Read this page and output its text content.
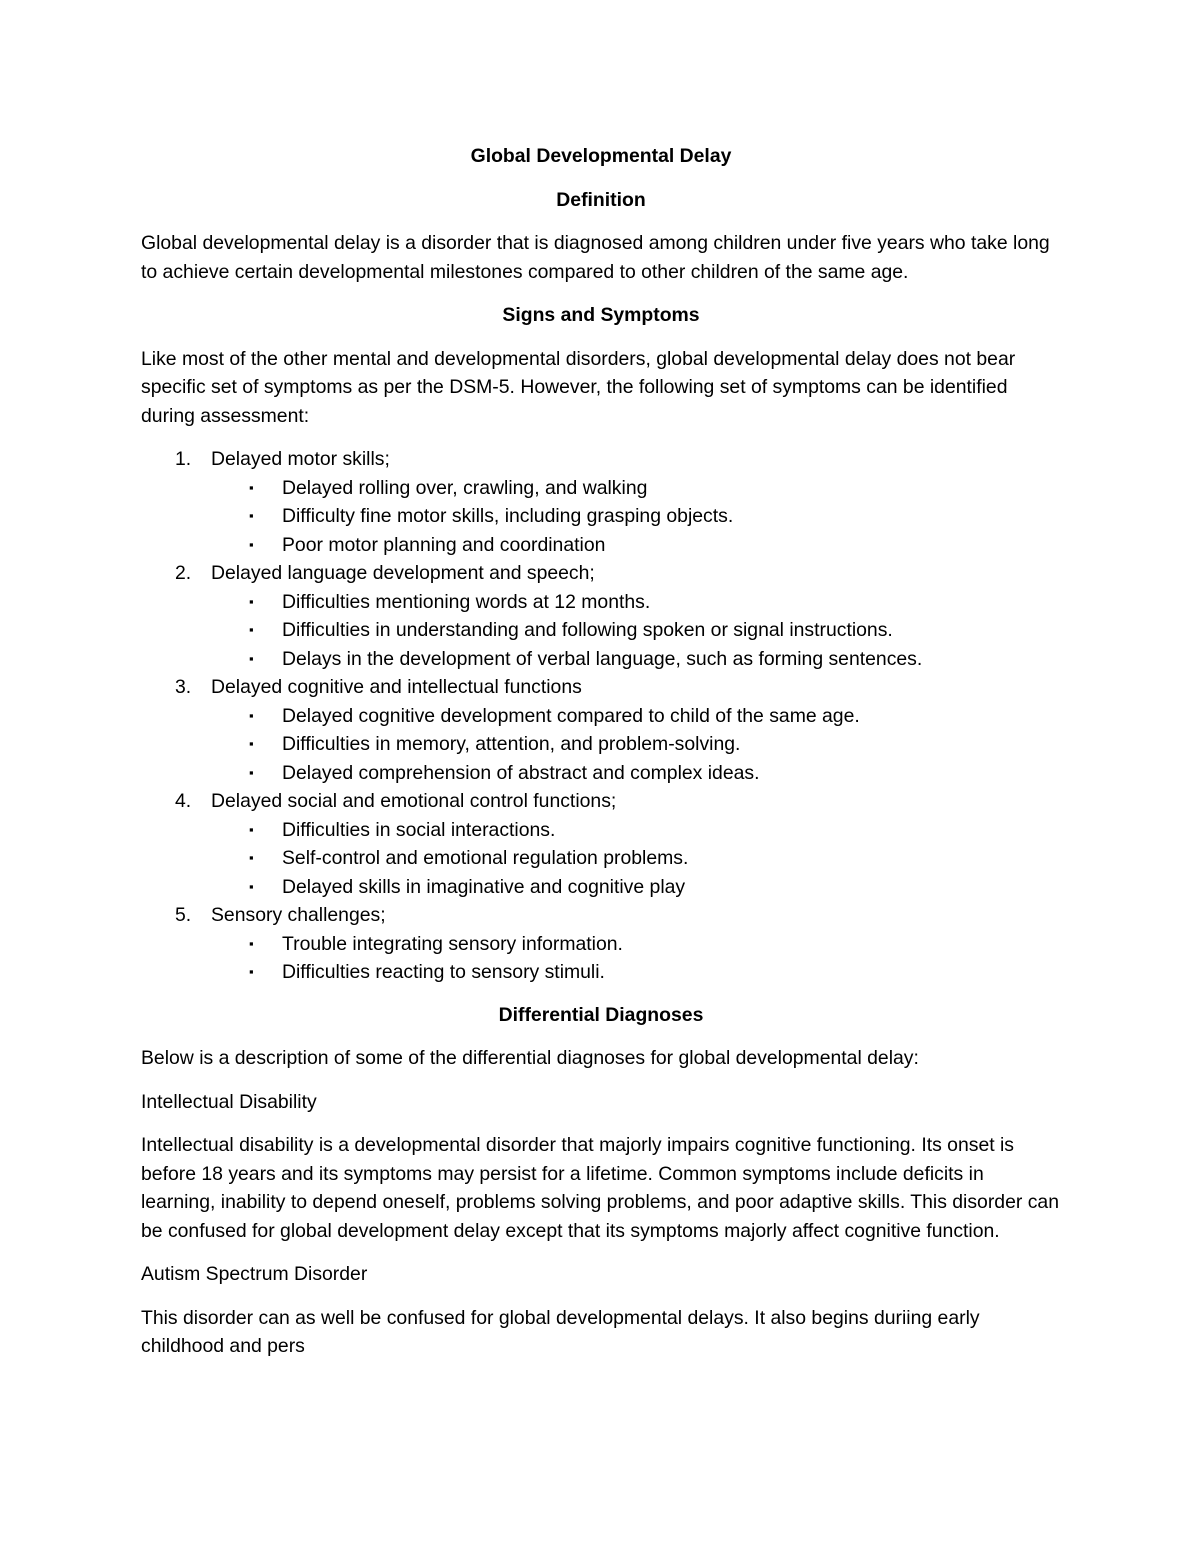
Global Developmental Delay
Definition

Global developmental delay is a disorder that is diagnosed among children under five years who take long to achieve certain developmental milestones compared to other children of the same age.

Signs and Symptoms

Like most of the other mental and developmental disorders, global developmental delay does not bear specific set of symptoms as per the DSM-5. However, the following set of symptoms can be identified during assessment:

1. Delayed motor skills;
▪ Delayed rolling over, crawling, and walking
▪ Difficulty fine motor skills, including grasping objects.
▪ Poor motor planning and coordination
2. Delayed language development and speech;
▪ Difficulties mentioning words at 12 months.
▪ Difficulties in understanding and following spoken or signal instructions.
▪ Delays in the development of verbal language, such as forming sentences.
3. Delayed cognitive and intellectual functions
▪ Delayed cognitive development compared to child of the same age.
▪ Difficulties in memory, attention, and problem-solving.
▪ Delayed comprehension of abstract and complex ideas.
4. Delayed social and emotional control functions;
▪ Difficulties in social interactions.
▪ Self-control and emotional regulation problems.
▪ Delayed skills in imaginative and cognitive play
5. Sensory challenges;
▪ Trouble integrating sensory information.
▪ Difficulties reacting to sensory stimuli.
Differential Diagnoses

Below is a description of some of the differential diagnoses for global developmental delay:

Intellectual Disability

Intellectual disability is a developmental disorder that majorly impairs cognitive functioning. Its onset is before 18 years and its symptoms may persist for a lifetime. Common symptoms include deficits in learning, inability to depend oneself, problems solving problems, and poor adaptive skills. This disorder can be confused for global development delay except that its symptoms majorly affect cognitive function.

Autism Spectrum Disorder

This disorder can as well be confused for global developmental delays. It also begins duriing early childhood and pers
